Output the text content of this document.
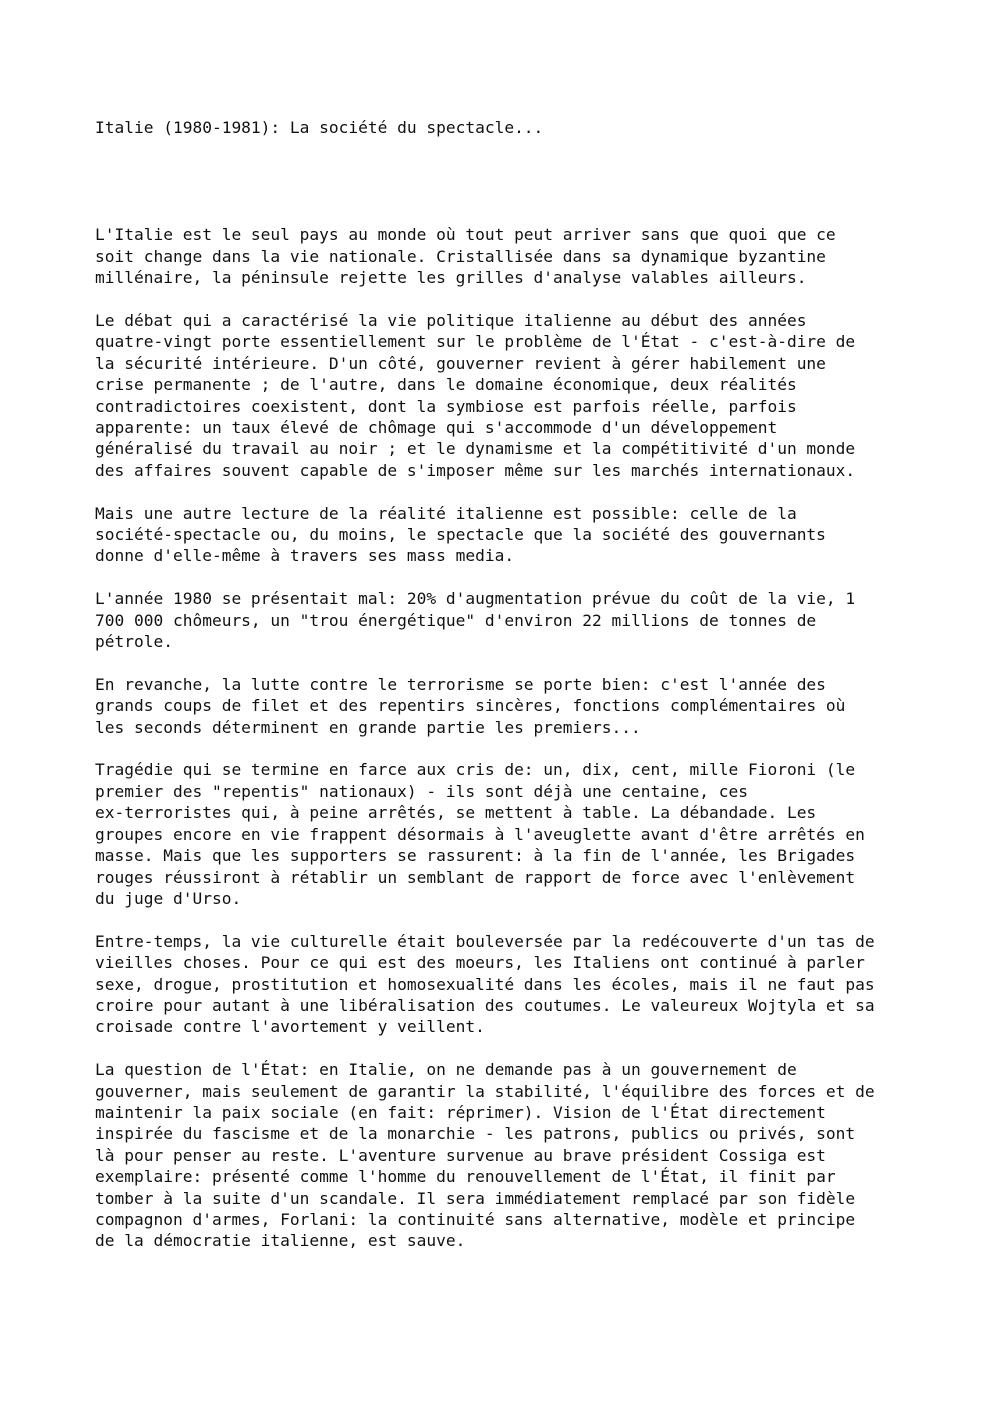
Italie (1980-1981): La société du spectacle...

L'Italie est le seul pays au monde où tout peut arriver sans que quoi que ce
soit change dans la vie nationale. Cristallisée dans sa dynamique byzantine
millénaire, la péninsule rejette les grilles d'analyse valables ailleurs.

Le débat qui a caractérisé la vie politique italienne au début des années
quatre-vingt porte essentiellement sur le problème de l'État - c'est-à-dire de
la sécurité intérieure. D'un côté, gouverner revient à gérer habilement une
crise permanente ; de l'autre, dans le domaine économique, deux réalités
contradictoires coexistent, dont la symbiose est parfois réelle, parfois
apparente: un taux élevé de chômage qui s'accommode d'un développement
généralisé du travail au noir ; et le dynamisme et la compétitivité d'un monde
des affaires souvent capable de s'imposer même sur les marchés internationaux.

Mais une autre lecture de la réalité italienne est possible: celle de la
société-spectacle ou, du moins, le spectacle que la société des gouvernants
donne d'elle-même à travers ses mass media.

L'année 1980 se présentait mal: 20% d'augmentation prévue du coût de la vie, 1
700 000 chômeurs, un "trou énergétique" d'environ 22 millions de tonnes de
pétrole.

En revanche, la lutte contre le terrorisme se porte bien: c'est l'année des
grands coups de filet et des repentirs sincères, fonctions complémentaires où
les seconds déterminent en grande partie les premiers...

Tragédie qui se termine en farce aux cris de: un, dix, cent, mille Fioroni (le
premier des "repentis" nationaux) - ils sont déjà une centaine, ces
ex-terroristes qui, à peine arrêtés, se mettent à table. La débandade. Les
groupes encore en vie frappent désormais à l'aveuglette avant d'être arrêtés en
masse. Mais que les supporters se rassurent: à la fin de l'année, les Brigades
rouges réussiront à rétablir un semblant de rapport de force avec l'enlèvement
du juge d'Urso.

Entre-temps, la vie culturelle était bouleversée par la redécouverte d'un tas de
vieilles choses. Pour ce qui est des moeurs, les Italiens ont continué à parler
sexe, drogue, prostitution et homosexualité dans les écoles, mais il ne faut pas
croire pour autant à une libéralisation des coutumes. Le valeureux Wojtyla et sa
croisade contre l'avortement y veillent.

La question de l'État: en Italie, on ne demande pas à un gouvernement de
gouverner, mais seulement de garantir la stabilité, l'équilibre des forces et de
maintenir la paix sociale (en fait: réprimer). Vision de l'État directement
inspirée du fascisme et de la monarchie - les patrons, publics ou privés, sont
là pour penser au reste. L'aventure survenue au brave président Cossiga est
exemplaire: présenté comme l'homme du renouvellement de l'État, il finit par
tomber à la suite d'un scandale. Il sera immédiatement remplacé par son fidèle
compagnon d'armes, Forlani: la continuité sans alternative, modèle et principe
de la démocratie italienne, est sauve.
